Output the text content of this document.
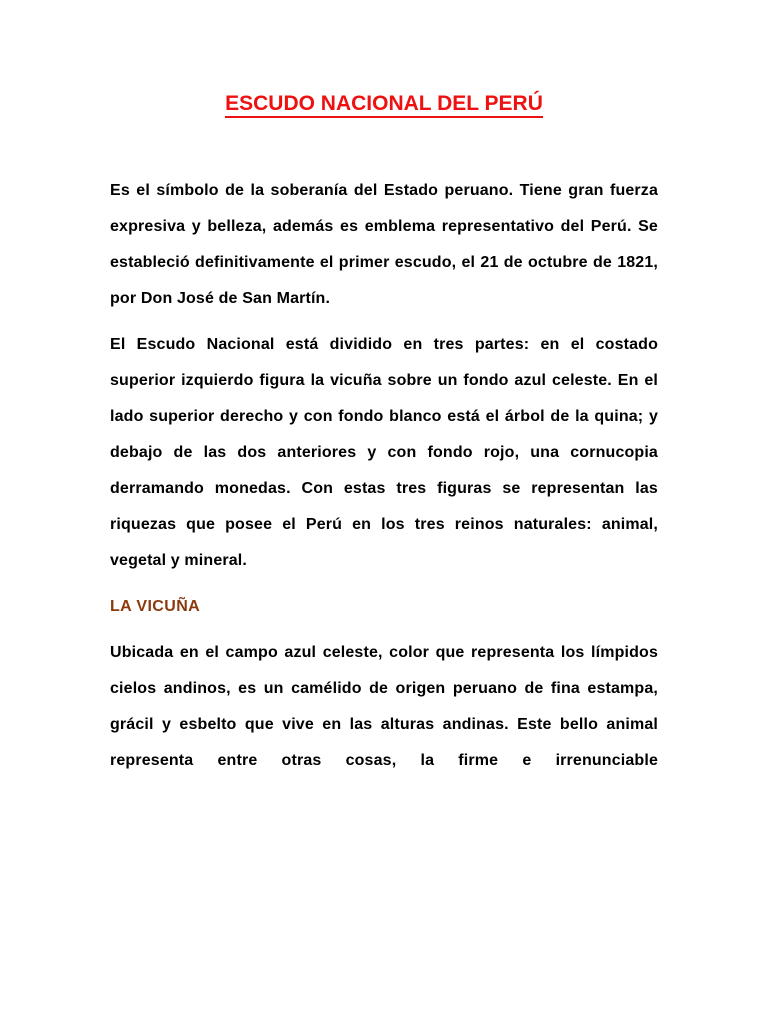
ESCUDO NACIONAL DEL PERÚ

Es el símbolo de la soberanía del Estado peruano. Tiene gran fuerza expresiva y belleza, además es emblema representativo del Perú. Se estableció definitivamente el primer escudo, el 21 de octubre de 1821, por Don José de San Martín.

El Escudo Nacional está dividido en tres partes: en el costado superior izquierdo figura la vicuña sobre un fondo azul celeste. En el lado superior derecho y con fondo blanco está el árbol de la quina; y debajo de las dos anteriores y con fondo rojo, una cornucopia derramando monedas. Con estas tres figuras se representan las riquezas que posee el Perú en los tres reinos naturales: animal, vegetal y mineral.

LA VICUÑA

Ubicada en el campo azul celeste, color que representa los límpidos cielos andinos, es un camélido de origen peruano de fina estampa, grácil y esbelto que vive en las alturas andinas. Este bello animal representa entre otras cosas, la firme e irrenunciable
